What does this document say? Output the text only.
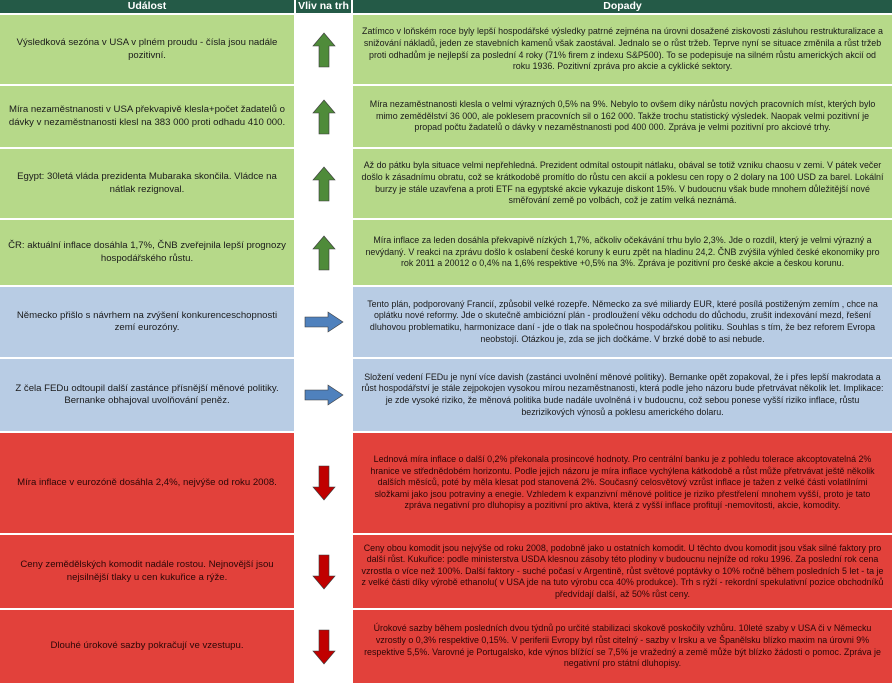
Událost	Vliv na trh	Dopady
Výsledková sezóna v USA v plném proudu - čísla jsou nadále pozitivní.
Zatímco v loňském roce byly lepší hospodářské výsledky patrné zejména na úrovni dosažené ziskovosti zásluhou restrukturalizace a snižování nákladů, jeden ze stavebních kamenů však zaostával. Jednalo se o růst tržeb. Teprve nyní se situace změnila a růst tržeb proti odhadům je nejlepší za poslední 4 roky (71% firem z indexu S&P500). To se podepisuje na silném růstu amerických akcií od roku 1936. Pozitivní zpráva pro akcie a cyklické sektory.
Míra nezaměstnanosti v USA překvapivě klesla+počet žadatelů o dávky v nezaměstnanosti klesl na 383 000 proti odhadu 410 000.
Míra nezaměstnanosti klesla o velmi výrazných 0,5% na 9%. Nebylo to ovšem díky nárůstu nových pracovních míst, kterých bylo mimo zemědělství 36 000, ale poklesem pracovních sil o 162 000. Takže trochu statistický výsledek. Naopak velmi pozitivní je propad počtu žadatelů o dávky v nezaměstnanosti pod 400 000. Zpráva je velmi pozitivní pro akciové trhy.
Egypt: 30letá vláda prezidenta Mubaraka skončila. Vládce na nátlak rezignoval.
Až do pátku byla situace velmi nepřehledná. Prezident odmítal ostoupit nátlaku, obával se totiž vzniku chaosu v zemi. V pátek večer došlo k zásadnímu obratu, což se krátkodobě promítlo do růstu cen akcií a poklesu cen ropy o 2 dolary na 100 USD za barel. Lokální burzy je stále uzavřena a proti ETF na egyptské akcie vykazuje diskont 15%. V budoucnu však bude mnohem důležitější nové směřování země po volbách, což je zatím velká neznámá.
ČR: aktuální inflace dosáhla 1,7%, ČNB zveřejnila lepší prognozy hospodářského růstu.
Míra inflace za leden dosáhla překvapivě nízkých 1,7%, ačkoliv očekávání trhu bylo 2,3%. Jde o rozdíl, který je velmi výrazný a nevýdaný. V reakci na zprávu došlo k oslabení české koruny k euru zpět na hladinu 24,2. ČNB zvýšila výhled české ekonomiky pro rok 2011 a 20012 o 0,4% na 1,6% respektive +0,5% na 3%. Zpráva je pozitivní pro české akcie a českou korunu.
Německo přišlo s návrhem na zvýšení konkurenceschopnosti zemí eurozóny.
Tento plán, podporovaný Francií, způsobil velké rozepře. Německo za své miliardy EUR, které posílá postiženým zemím , chce na oplátku nové reformy. Jde o skutečně ambiciózní plán - prodloužení věku odchodu do důchodu, zrušit indexování mezd, řešení dluhovou problematiku, harmonizace daní - jde o tlak na společnou hospodářskou politiku. Souhlas s tím, že bez reforem Evropa neobstojí. Otázkou je, zda se jich dočkáme. V brzké době to asi nebude.
Z čela FEDu odtoupil další zastánce přísnější měnové politiky. Bernanke obhajoval uvolňování peněz.
Složení vedení FEDu je nyní více davish (zastánci uvolnění měnové politiky). Bernanke opět zopakoval, že i přes lepší makrodata a růst hospodářství je stále zejpokojen vysokou mírou nezaměstnanosti, která podle jeho názoru bude přetrvávat několik let. Implikace: je zde vysoké riziko, že měnová politika bude nadále uvolněná i v budoucnu, což sebou ponese vyšší riziko inflace, růstu bezrizikových výnosů a poklesu amerického dolaru.
Míra inflace v eurozóně dosáhla 2,4%, nejvýše od roku 2008.
Lednová míra inflace o další 0,2% překonala prosincové hodnoty. Pro centrální banku je z pohledu tolerace akcoptovatelná 2% hranice ve střednědobém horizontu. Podle jejich názoru je míra inflace vychýlena kátkodobě a růst může přetrvávat ještě několik dalších měsíců, poté by měla klesat pod stanovená 2%. Současný celosvětový vzrůst inflace je tažen z velké části volatilními složkami jako jsou potraviny a enegie. Vzhledem k expanzivní měnové politice je riziko přestřelení mnohem vyšší, proto je tato zpráva negativní pro dluhopisy a pozitivní pro aktiva, která z vyšší inflace profitují -nemovitosti, akcie, komodity.
Ceny zemědělských komodit nadále rostou. Nejnovější jsou nejsilnější tlaky u cen kukuřice a rýže.
Ceny obou komodit jsou nejvýše od roku 2008, podobně jako u ostatních komodit. U těchto dvou komodit jsou však silné faktory pro další růst. Kukuřice: podle ministerstva USDA klesnou zásoby této plodiny v budoucnu nejníže od roku 1996. Za poslední rok cena vzrostla o více než 100%. Další faktory - suché počasí v Argentině, růst světové poptávky o 10% ročně během posledních 5 let - ta je z velké části díky výrobě ethanolu( v USA jde na tuto výrobu cca 40% produkce). Trh s rýží - rekordní spekulativní pozice obchodníků předvídají další, až 50% růst ceny.
Dlouhé úrokové sazby pokračují ve vzestupu.
Úrokové sazby během posledních dvou týdnů po určité stabilizaci skokově poskočily vzhůru. 10leté szaby v USA či v Německu vzrostly o 0,3% respektive 0,15%. V periferii Evropy byl růst citelný - sazby v Irsku a ve Španělsku blízko maxim na úrovni 9% respektive 5,5%. Varovné je Portugalsko, kde výnos blížící se 7,5% je vražedný a země může být blízko žádosti o pomoc. Zpráva je negativní pro státní dluhopisy.
